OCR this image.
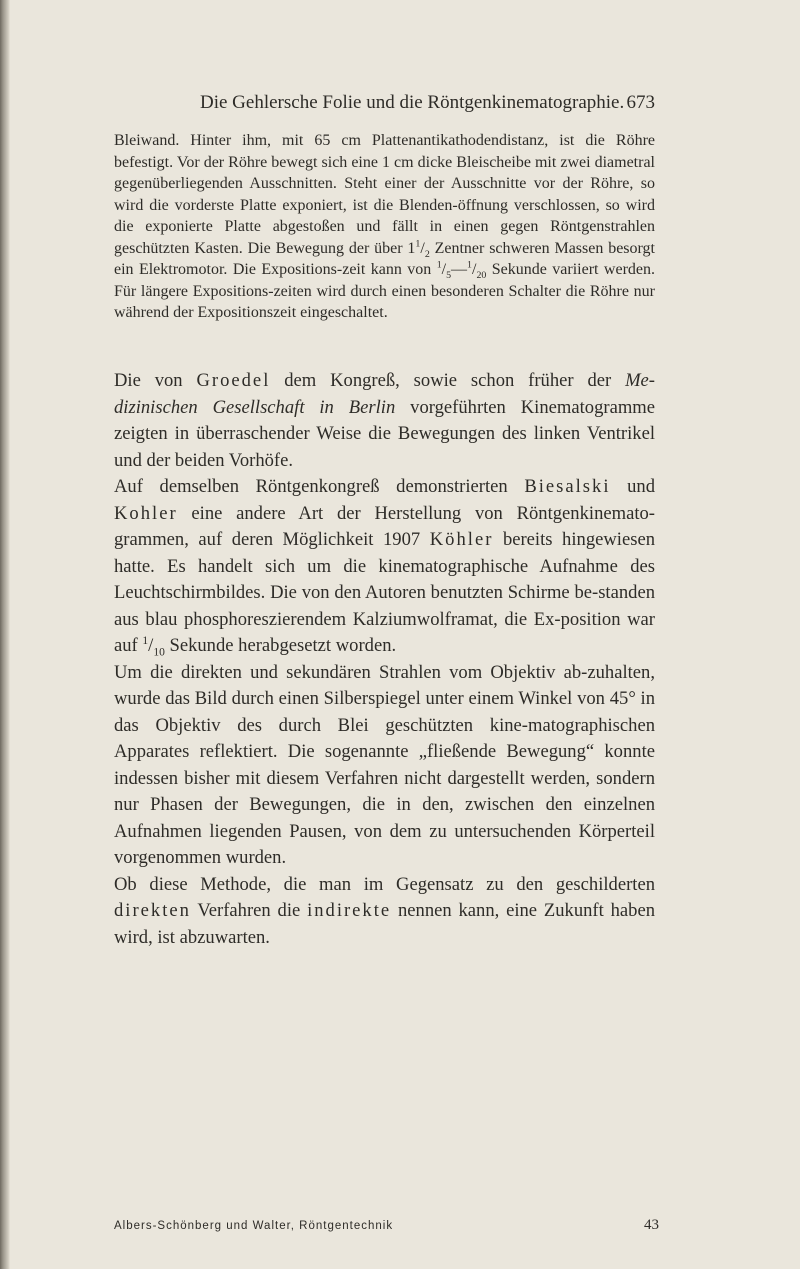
Die Gehlersche Folie und die Röntgenkinematographie. 673

Bleiwand. Hinter ihm, mit 65 cm Plattenantikathodendistanz, ist die Röhre befestigt. Vor der Röhre bewegt sich eine 1 cm dicke Bleischeibe mit zwei diametral gegenüberliegenden Ausschnitten. Steht einer der Ausschnitte vor der Röhre, so wird die vorderste Platte exponiert, ist die Blenden-öffnung verschlossen, so wird die exponierte Platte abgestoßen und fällt in einen gegen Röntgenstrahlen geschützten Kasten. Die Bewegung der über $1^1/_2$ Zentner schweren Massen besorgt ein Elektromotor. Die Expositions-zeit kann von $^1/_5—^1/_{20}$ Sekunde variiert werden. Für längere Expositions-zeiten wird durch einen besonderen Schalter die Röhre nur während der Expositionszeit eingeschaltet.

Die von Groedel dem Kongreß, sowie schon früher der Me-dizinischen Gesellschaft in Berlin vorgeführten Kinematogramme zeigten in überraschender Weise die Bewegungen des linken Ventrikel und der beiden Vorhöfe.

Auf demselben Röntgenkongreß demonstrierten Biesalski und Kohler eine andere Art der Herstellung von Röntgenkinemato-grammen, auf deren Möglichkeit 1907 Köhler bereits hingewiesen hatte. Es handelt sich um die kinematographische Aufnahme des Leuchtschirmbildes. Die von den Autoren benutzten Schirme be-standen aus blau phosphoreszierendem Kalziumwolframat, die Ex-position war auf $^1/_{10}$ Sekunde herabgesetzt worden.

Um die direkten und sekundären Strahlen vom Objektiv ab-zuhalten, wurde das Bild durch einen Silberspiegel unter einem Winkel von 45° in das Objektiv des durch Blei geschützten kine-matographischen Apparates reflektiert. Die sogenannte „fließende Bewegung“ konnte indessen bisher mit diesem Verfahren nicht dargestellt werden, sondern nur Phasen der Bewegungen, die in den, zwischen den einzelnen Aufnahmen liegenden Pausen, von dem zu untersuchenden Körperteil vorgenommen wurden.

Ob diese Methode, die man im Gegensatz zu den geschilderten direkten Verfahren die indirekte nennen kann, eine Zukunft haben wird, ist abzuwarten.

Albers-Schönberg und Walter, Röntgentechnik	43
